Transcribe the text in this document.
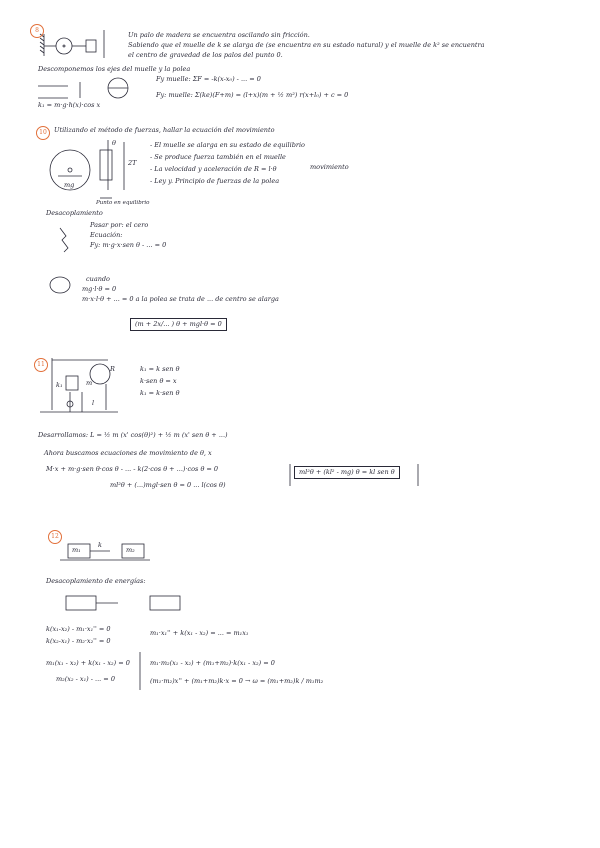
8
Un palo de madera se encuentra oscilando sin fricción.
Sabiendo que el muelle de k se alarga de (se encuentra en su estado natural) y el muelle de k² se encuentra
el centro de gravedad de los palos del punto 0.
Descomponemos los ejes del muelle y la polea
Fy muelle: ΣF = -k(x-x₀) - ... = 0
Fy: muelle: Σ(ke)(F+m) = (l+x)(m + ½ m²) r(x+l₀) + c = 0
k₁ = m·g·h(x)·cos x
10	Utilizando el método de fuerzas, hallar la ecuación del movimiento
- El muelle se alarga en su estado de equilibrio
- Se produce fuerza también en el muelle
- La velocidad y aceleración de R = l·θ
- Ley y. Principio de fuerzas de la polea
movimiento
2T
θ
mg
Punto en equilibrio
Desacoplamiento
Pasar por: el cero
Ecuación:
Fy: m·g·x·sen θ - ... = 0
cuando
mg·l·θ = 0
m·x·l·θ + ... = 0 a la polea se trata de ... de centro se alarga
(m + 2x/... ) θ + mgl·θ = 0
11
k₁ = k sen θ
k·sen θ = x
k₁ = k·sen θ
k₁	m
l
R
Desarrollamos: L = ½ m (x' cos(θ)²) + ½ m (x' sen θ + ...)
Ahora buscamos ecuaciones de movimiento de θ, x
M·x + m·g·sen θ·cos θ - ... - k(2·cos θ + ...)·cos θ = 0
ml²θ + (...)mgl·sen θ = 0 ... l(cos θ)
ml²θ + (kl² - mg) θ = kl sen θ
12
m₁	m₂
k
Desacoplamiento de energías:
k(x₁-x₂) - m₁·x₁'' = 0
k(x₂-x₁) - m₂·x₂'' = 0
m₁(x₁ - x₂) + k(x₁ - x₂) = 0
m₂(x₂ - x₁) - ... = 0
m₁·x₁'' + k(x₁ - x₂) = ... = m₁x₁
m₁·m₂(x₁ - x₂) + (m₁+m₂)·k(x₁ - x₂) = 0
(m₁·m₂)x'' + (m₁+m₂)k·x = 0 → ω = (m₁+m₂)k / m₁m₂
